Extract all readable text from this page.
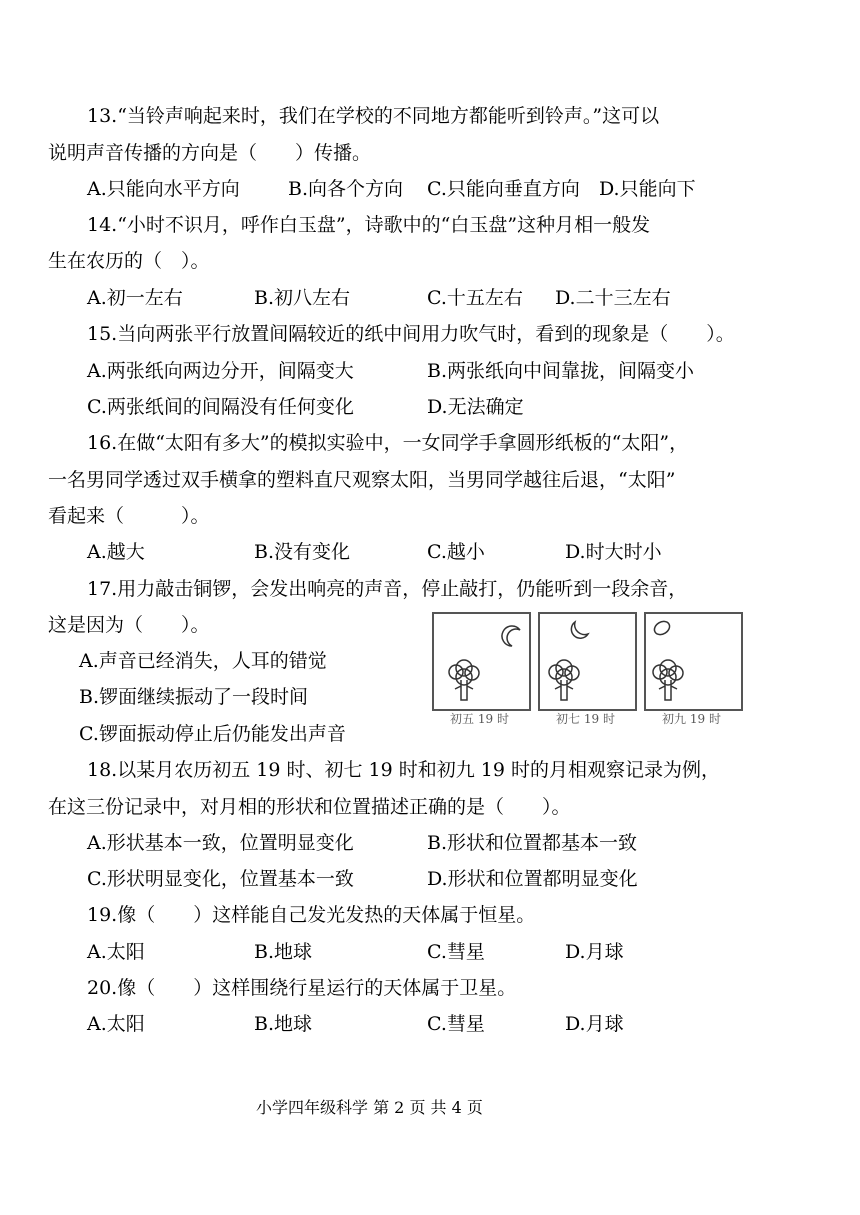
13.“当铃声响起来时，我们在学校的不同地方都能听到铃声。”这可以
说明声音传播的方向是（　　）传播。
A.只能向水平方向	B.向各个方向 C.只能向垂直方向 D.只能向下
14.“小时不识月，呼作白玉盘”，诗歌中的“白玉盘”这种月相一般发
生在农历的（　）。
A.初一左右	B.初八左右	C.十五左右 D.二十三左右
15.当向两张平行放置间隔较近的纸中间用力吹气时，看到的现象是（　　）。
A.两张纸向两边分开，间隔变大	B.两张纸向中间靠拢，间隔变小
C.两张纸间的间隔没有任何变化	D.无法确定
16.在做“太阳有多大”的模拟实验中，一女同学手拿圆形纸板的“太阳”，
一名男同学透过双手横拿的塑料直尺观察太阳，当男同学越往后退，“太阳”
看起来（　　　）。
A.越大	B.没有变化	C.越小	D.时大时小
17.用力敲击铜锣，会发出响亮的声音，停止敲打，仍能听到一段余音，
这是因为（　　）。
A.声音已经消失，人耳的错觉
B.锣面继续振动了一段时间
C.锣面振动停止后仍能发出声音
初五 19 时	初七 19 时	初九 19 时
18.以某月农历初五 19 时、初七 19 时和初九 19 时的月相观察记录为例，
在这三份记录中，对月相的形状和位置描述正确的是（　　）。
A.形状基本一致，位置明显变化	B.形状和位置都基本一致
C.形状明显变化，位置基本一致	D.形状和位置都明显变化
19.像（　　）这样能自己发光发热的天体属于恒星。
A.太阳	B.地球	C.彗星	D.月球
20.像（　　）这样围绕行星运行的天体属于卫星。
A.太阳	B.地球	C.彗星	D.月球
小学四年级科学 第 2 页 共 4 页
